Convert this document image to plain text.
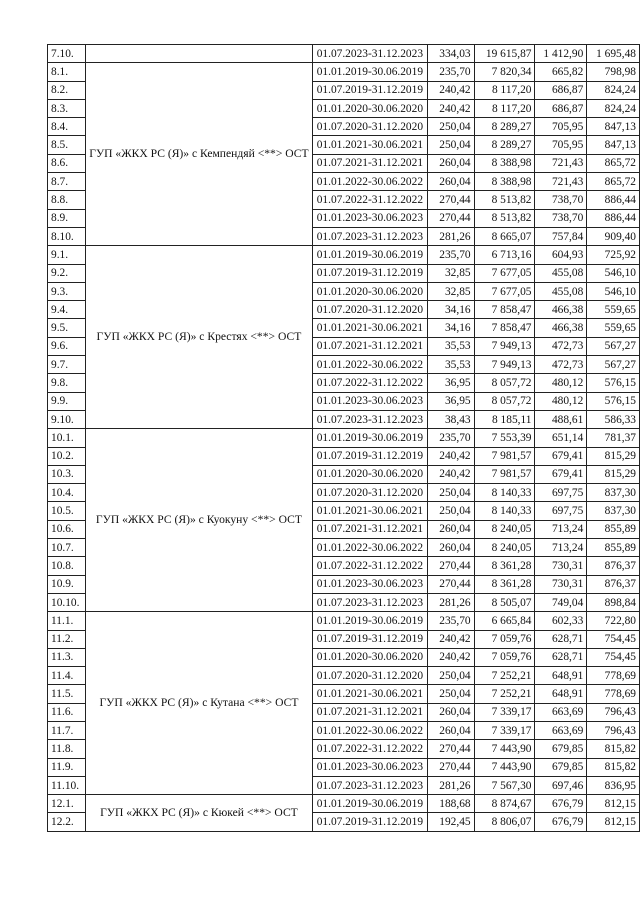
7.10.		01.07.2023-31.12.2023	334,03	19 615,87	1 412,90	1 695,48
8.1.	ГУП «ЖКХ РС (Я)» с Кемпендяй <**> ОСТ	01.01.2019-30.06.2019	235,70	7 820,34	665,82	798,98
8.2.		01.07.2019-31.12.2019	240,42	8 117,20	686,87	824,24
8.3.		01.01.2020-30.06.2020	240,42	8 117,20	686,87	824,24
8.4.		01.07.2020-31.12.2020	250,04	8 289,27	705,95	847,13
8.5.		01.01.2021-30.06.2021	250,04	8 289,27	705,95	847,13
8.6.		01.07.2021-31.12.2021	260,04	8 388,98	721,43	865,72
8.7.		01.01.2022-30.06.2022	260,04	8 388,98	721,43	865,72
8.8.		01.07.2022-31.12.2022	270,44	8 513,82	738,70	886,44
8.9.		01.01.2023-30.06.2023	270,44	8 513,82	738,70	886,44
8.10.		01.07.2023-31.12.2023	281,26	8 665,07	757,84	909,40
9.1.	ГУП «ЖКХ РС (Я)» с Крестях <**> ОСТ	01.01.2019-30.06.2019	235,70	6 713,16	604,93	725,92
9.2.		01.07.2019-31.12.2019	32,85	7 677,05	455,08	546,10
9.3.		01.01.2020-30.06.2020	32,85	7 677,05	455,08	546,10
9.4.		01.07.2020-31.12.2020	34,16	7 858,47	466,38	559,65
9.5.		01.01.2021-30.06.2021	34,16	7 858,47	466,38	559,65
9.6.		01.07.2021-31.12.2021	35,53	7 949,13	472,73	567,27
9.7.		01.01.2022-30.06.2022	35,53	7 949,13	472,73	567,27
9.8.		01.07.2022-31.12.2022	36,95	8 057,72	480,12	576,15
9.9.		01.01.2023-30.06.2023	36,95	8 057,72	480,12	576,15
9.10.		01.07.2023-31.12.2023	38,43	8 185,11	488,61	586,33
10.1.	ГУП «ЖКХ РС (Я)» с Куокуну <**> ОСТ	01.01.2019-30.06.2019	235,70	7 553,39	651,14	781,37
10.2.		01.07.2019-31.12.2019	240,42	7 981,57	679,41	815,29
10.3.		01.01.2020-30.06.2020	240,42	7 981,57	679,41	815,29
10.4.		01.07.2020-31.12.2020	250,04	8 140,33	697,75	837,30
10.5.		01.01.2021-30.06.2021	250,04	8 140,33	697,75	837,30
10.6.		01.07.2021-31.12.2021	260,04	8 240,05	713,24	855,89
10.7.		01.01.2022-30.06.2022	260,04	8 240,05	713,24	855,89
10.8.		01.07.2022-31.12.2022	270,44	8 361,28	730,31	876,37
10.9.		01.01.2023-30.06.2023	270,44	8 361,28	730,31	876,37
10.10.		01.07.2023-31.12.2023	281,26	8 505,07	749,04	898,84
11.1.	ГУП «ЖКХ РС (Я)» с Кутана <**> ОСТ	01.01.2019-30.06.2019	235,70	6 665,84	602,33	722,80
11.2.		01.07.2019-31.12.2019	240,42	7 059,76	628,71	754,45
11.3.		01.01.2020-30.06.2020	240,42	7 059,76	628,71	754,45
11.4.		01.07.2020-31.12.2020	250,04	7 252,21	648,91	778,69
11.5.		01.01.2021-30.06.2021	250,04	7 252,21	648,91	778,69
11.6.		01.07.2021-31.12.2021	260,04	7 339,17	663,69	796,43
11.7.		01.01.2022-30.06.2022	260,04	7 339,17	663,69	796,43
11.8.		01.07.2022-31.12.2022	270,44	7 443,90	679,85	815,82
11.9.		01.01.2023-30.06.2023	270,44	7 443,90	679,85	815,82
11.10.		01.07.2023-31.12.2023	281,26	7 567,30	697,46	836,95
12.1.	ГУП «ЖКХ РС (Я)» с Кюкей <**> ОСТ	01.01.2019-30.06.2019	188,68	8 874,67	676,79	812,15
12.2.		01.07.2019-31.12.2019	192,45	8 806,07	676,79	812,15
